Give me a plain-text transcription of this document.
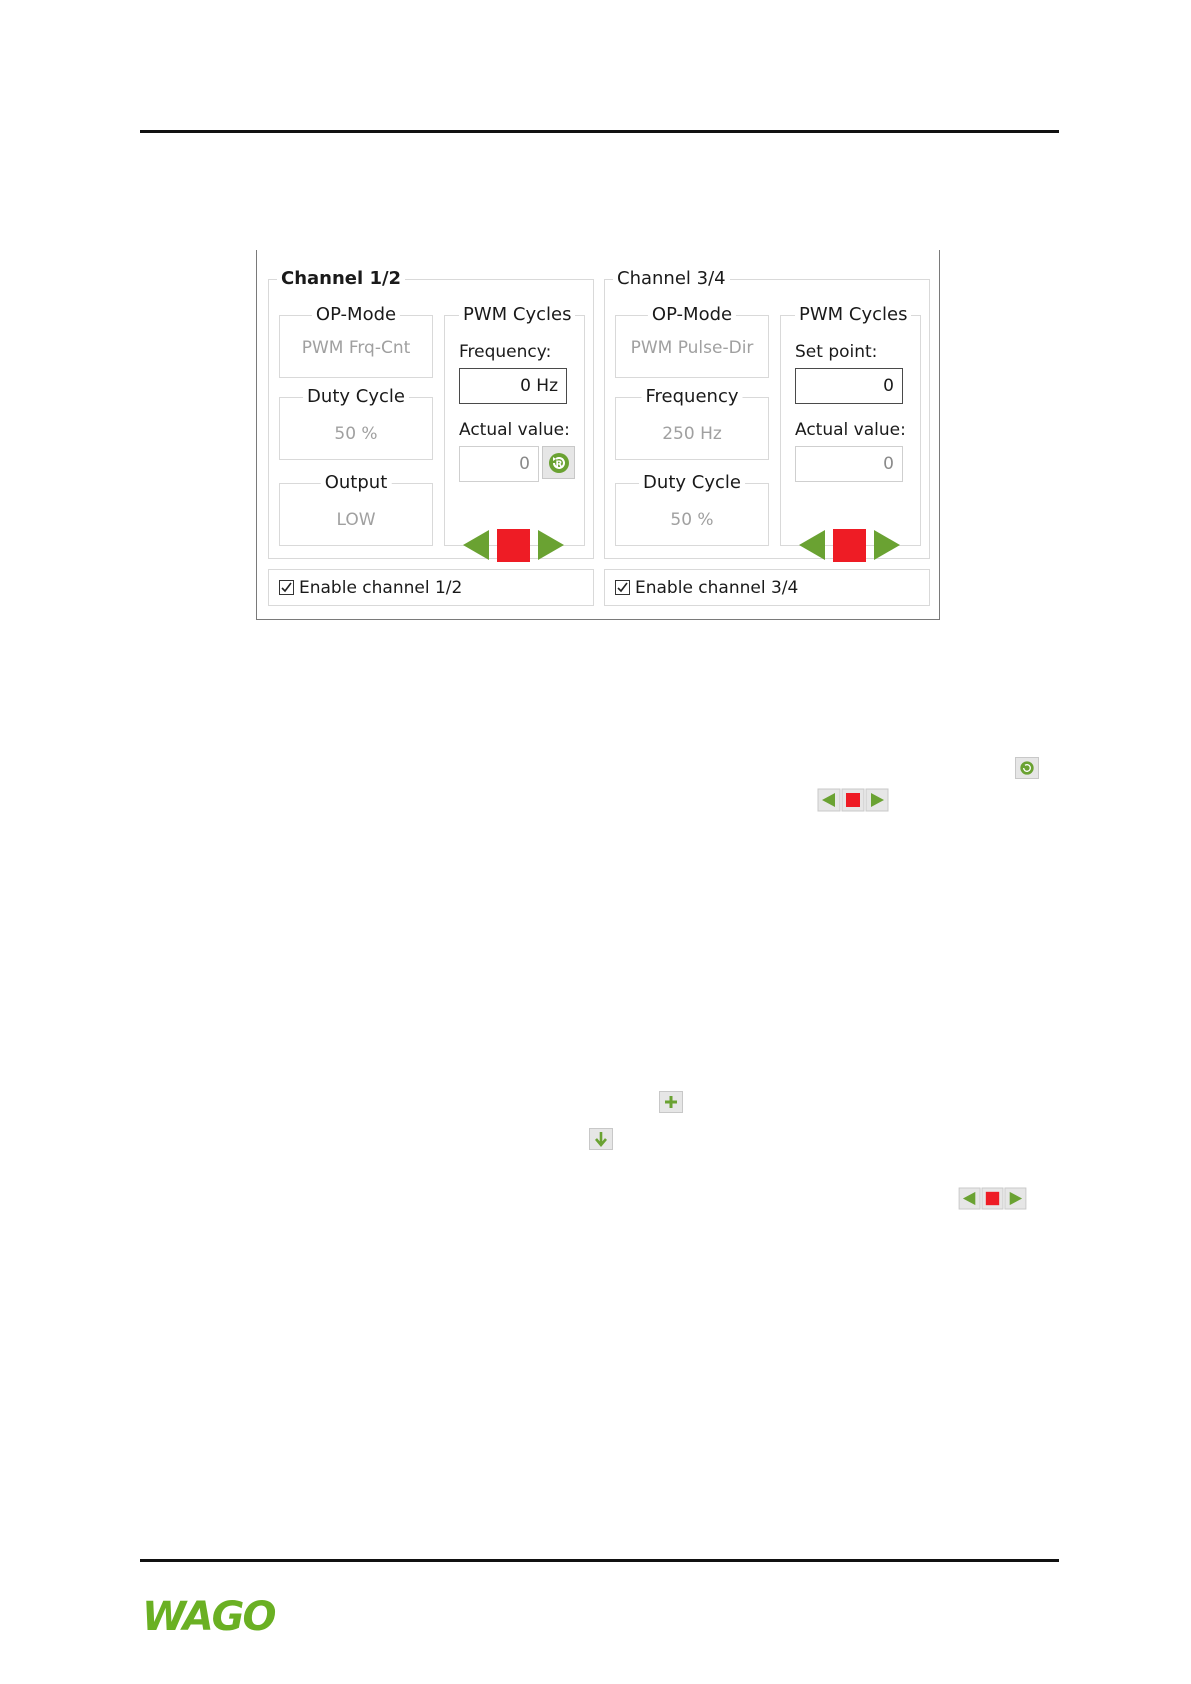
Channel 1/2
OP-Mode
PWM Frq-Cnt
Duty Cycle
50 %
Output
LOW
PWM Cycles
Frequency:
0 Hz
Actual value:
0	R
Channel 3/4
OP-Mode
PWM Pulse-Dir
Frequency
250 Hz
Duty Cycle
50 %
PWM Cycles
Set point:
0
Actual value:
0
Enable channel 1/2	Enable channel 3/4
WAGO
